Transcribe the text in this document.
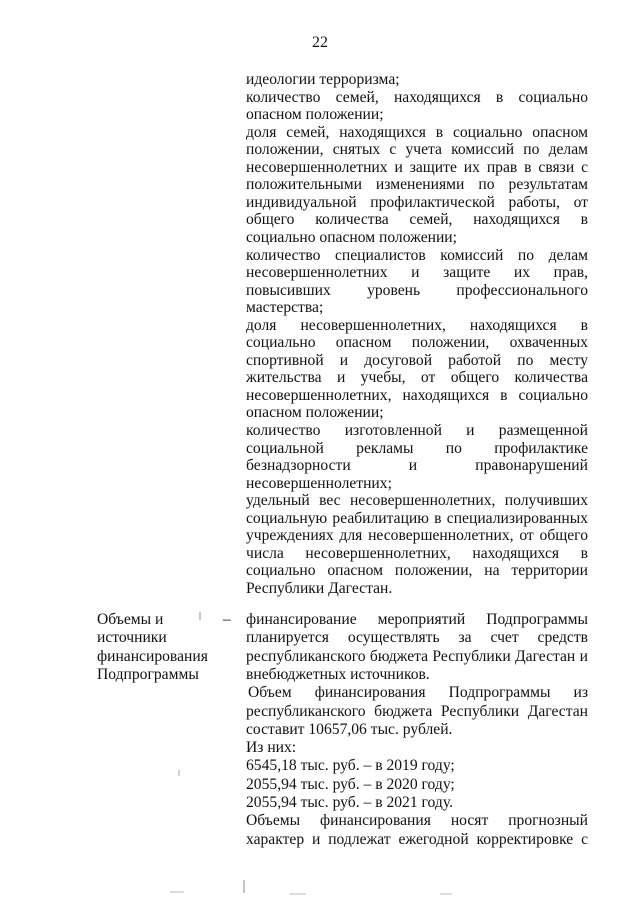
22
идеологии терроризма;
количество семей, находящихся в социально
опасном положении;
доля семей, находящихся в социально опасном
положении, снятых с учета комиссий по делам
несовершеннолетних и защите их прав в связи с
положительными изменениями по результатам
индивидуальной профилактической работы, от
общего количества семей, находящихся в
социально опасном положении;
количество специалистов комиссий по делам
несовершеннолетних и защите их прав,
повысивших уровень профессионального
мастерства;
доля несовершеннолетних, находящихся в
социально опасном положении, охваченных
спортивной и досуговой работой по месту
жительства и учебы, от общего количества
несовершеннолетних, находящихся в социально
опасном положении;
количество изготовленной и размещенной
социальной рекламы по профилактике
безнадзорности и правонарушений
несовершеннолетних;
удельный вес несовершеннолетних, получивших
социальную реабилитацию в специализированных
учреждениях для несовершеннолетних, от общего
числа несовершеннолетних, находящихся в
социально опасном положении, на территории
Республики Дагестан.
Объемы и
источники
финансирования
Подпрограммы
– финансирование мероприятий Подпрограммы
планируется осуществлять за счет средств
республиканского бюджета Республики Дагестан и
внебюджетных источников.
Объем финансирования Подпрограммы из
республиканского бюджета Республики Дагестан
составит 10657,06 тыс. рублей.
Из них:
6545,18 тыс. руб. – в 2019 году;
2055,94 тыс. руб. – в 2020 году;
2055,94 тыс. руб. – в 2021 году.
Объемы финансирования носят прогнозный
характер и подлежат ежегодной корректировке с
